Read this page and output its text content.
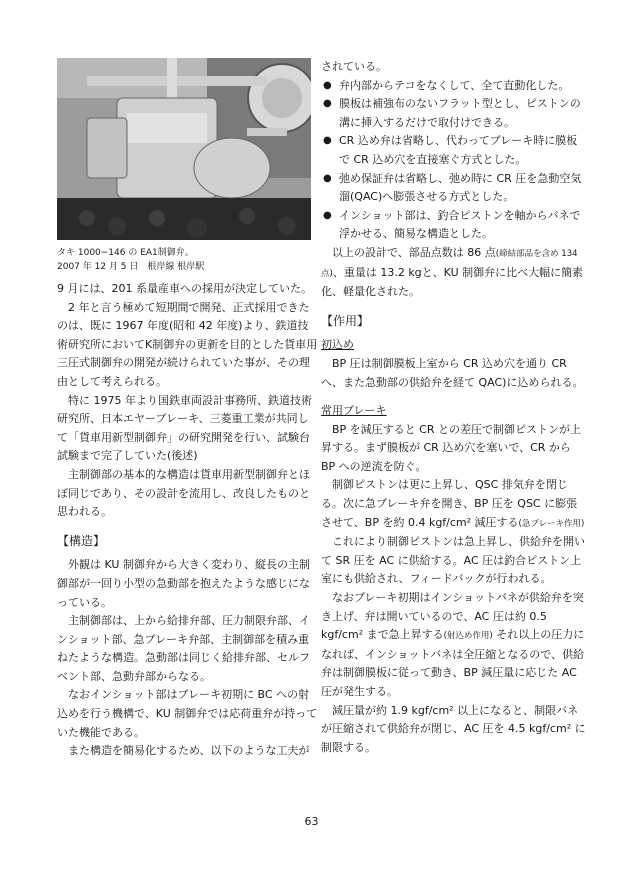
タキ 1000−146 の EA1制御弁。
2007 年 12 月 5 日　根岸線 根岸駅

9 月には、201 系量産車への採用が決定していた。

2 年と言う極めて短期間で開発、正式採用できたのは、既に 1967 年度(昭和 42 年度)より、鉄道技術研究所においてK制御弁の更新を目的とした貨車用三圧式制御弁の開発が続けられていた事が、その理由として考えられる。

特に 1975 年より国鉄車両設計事務所、鉄道技術研究所、日本エヤーブレーキ、三菱重工業が共同して「貨車用新型制御弁」の研究開発を行い、試験台試験まで完了していた(後述)

主制御部の基本的な構造は貨車用新型制御弁とほぼ同じであり、その設計を流用し、改良したものと思われる。

【構造】

外観は KU 制御弁から大きく変わり、縦長の主制御部が一回り小型の急動部を抱えたような感じになっている。

主制御部は、上から給排弁部、圧力制限弁部、インショット部、急ブレーキ弁部、主制御部を積み重ねたような構造。急動部は同じく給排弁部、セルフベント部、急動弁部からなる。

なおインショット部はブレーキ初期に BC への射込めを行う機構で、KU 制御弁では応荷重弁が持っていた機能である。

また構造を簡易化するため、以下のような工夫が

されている。

● 弁内部からテコをなくして、全て直動化した。
● 膜板は補強布のないフラット型とし、ピストンの溝に挿入するだけで取付けできる。
● CR 込め弁は省略し、代わってブレーキ時に膜板で CR 込め穴を直接塞ぐ方式とした。
● 弛め保証弁は省略し、弛め時に CR 圧を急動空気溜(QAC)へ膨張させる方式とした。
● インショット部は、釣合ピストンを軸からバネで浮かせる、簡易な構造とした。

以上の設計で、部品点数は 86 点(締結部品を含め 134 点)、重量は 13.2 kgと、KU 制御弁に比べ大幅に簡素化、軽量化された。

【作用】
初込め

BP 圧は制御膜板上室から CR 込め穴を通り CR へ、また急動部の供給弁を経て QAC)に込められる。

常用ブレーキ

BP を減圧すると CR との差圧で制御ピストンが上昇する。まず膜板が CR 込め穴を塞いで、CR から BP への逆流を防ぐ。

制御ピストンは更に上昇し、QSC 排気弁を閉じる。次に急ブレーキ弁を開き、BP 圧を QSC に膨張させて、BP を約 0.4 kgf/cm² 減圧する(急ブレーキ作用)

これにより制御ピストンは急上昇し、供給弁を開いて SR 圧を AC に供給する。AC 圧は釣合ピストン上室にも供給され、フィードバックが行われる。

なおブレーキ初期はインショットバネが供給弁を突き上げ、弁は開いているので、AC 圧は約 0.5 kgf/cm² まで急上昇する(射込め作用) それ以上の圧力になれば、インショットバネは全圧縮となるので、供給弁は制御膜板に従って動き、BP 減圧量に応じた AC 圧が発生する。

減圧量が約 1.9 kgf/cm² 以上になると、制限バネが圧縮されて供給弁が閉じ、AC 圧を 4.5 kgf/cm² に制限する。

63
